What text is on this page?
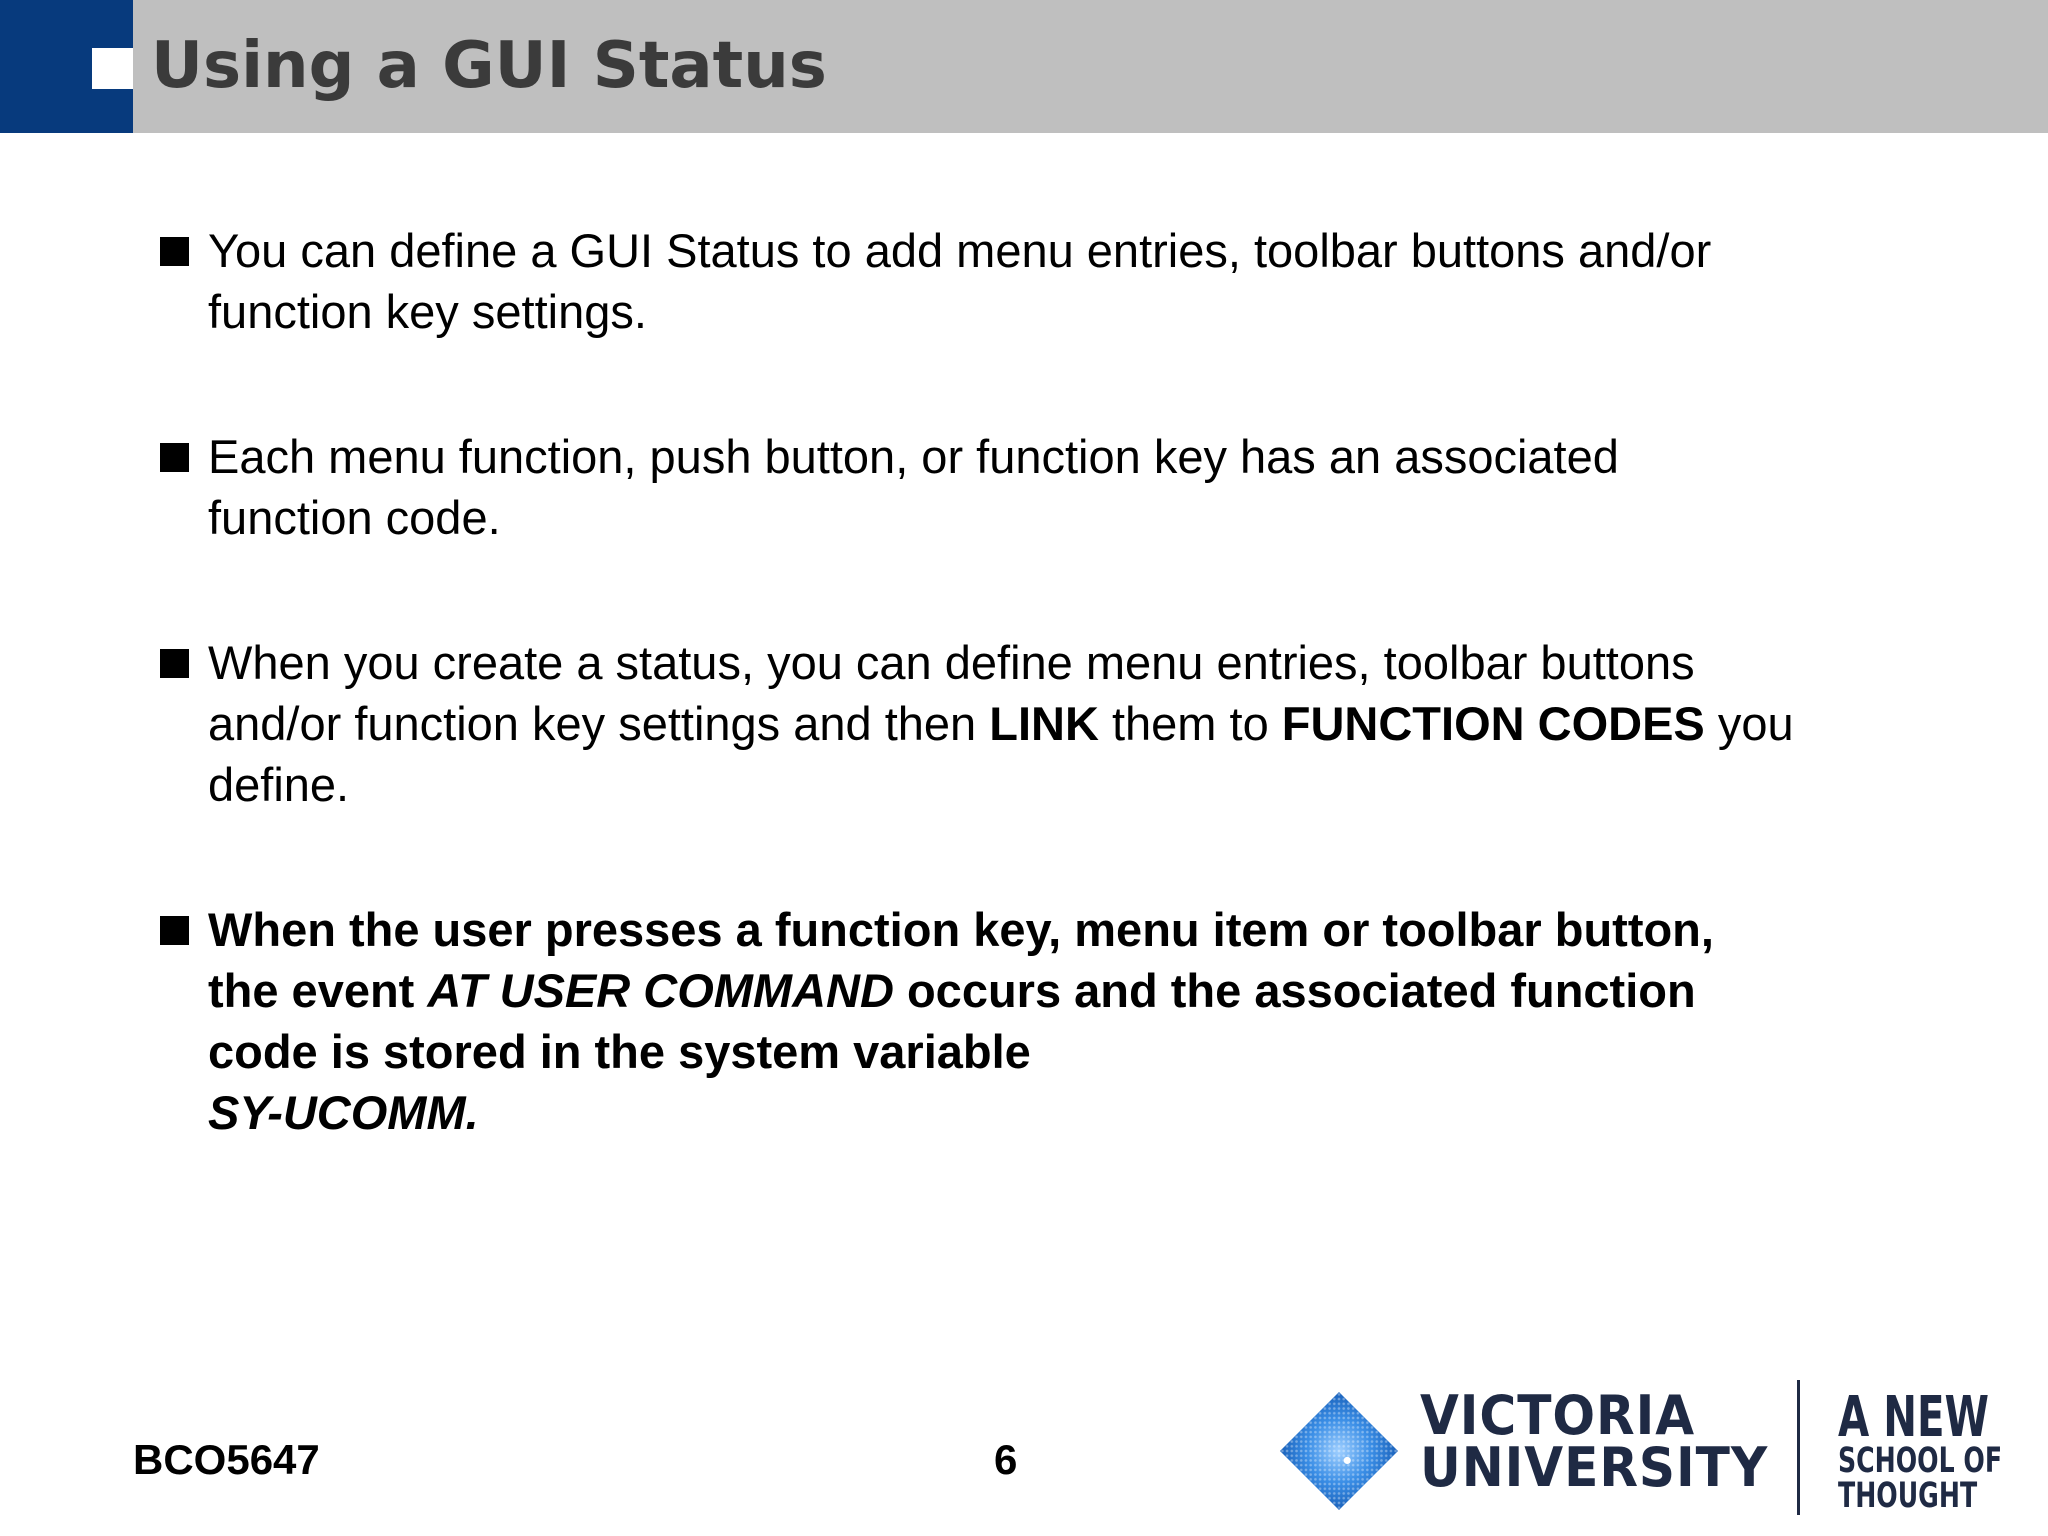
Using a GUI Status
You can define a GUI Status to add menu entries, toolbar buttons and/or
function key settings.
Each menu function, push button, or function key has an associated
function code.
When you create a status, you can define menu entries, toolbar buttons
and/or function key settings and then LINK them to FUNCTION CODES you
define.
When the user presses a function key, menu item or toolbar button,
the event AT USER COMMAND occurs and the associated function
code is stored in the system variable
SY-UCOMM.
BCO5647	6
VICTORIA
UNIVERSITY
A NEW
SCHOOL OF
THOUGHT
